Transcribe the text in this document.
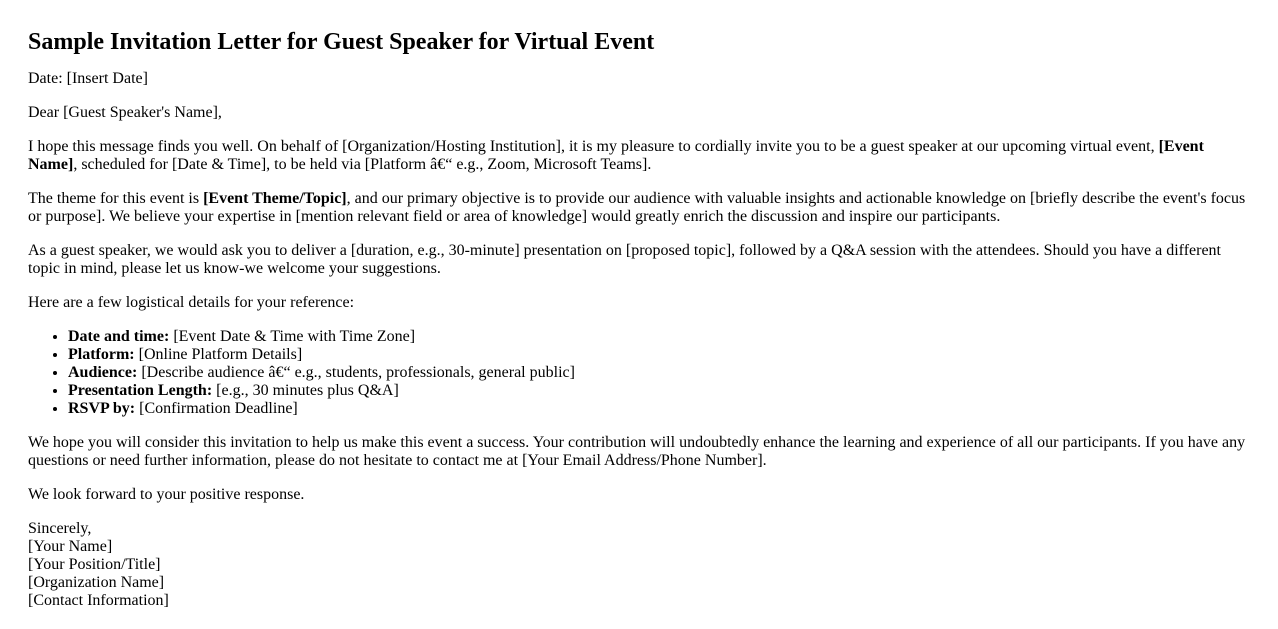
Sample Invitation Letter for Guest Speaker for Virtual Event

Date: [Insert Date]

Dear [Guest Speaker's Name],

I hope this message finds you well. On behalf of [Organization/Hosting Institution], it is my pleasure to cordially invite you to be a guest speaker at our upcoming virtual event, [Event Name], scheduled for [Date & Time], to be held via [Platform â€“ e.g., Zoom, Microsoft Teams].

The theme for this event is [Event Theme/Topic], and our primary objective is to provide our audience with valuable insights and actionable knowledge on [briefly describe the event's focus or purpose]. We believe your expertise in [mention relevant field or area of knowledge] would greatly enrich the discussion and inspire our participants.

As a guest speaker, we would ask you to deliver a [duration, e.g., 30-minute] presentation on [proposed topic], followed by a Q&A session with the attendees. Should you have a different topic in mind, please let us know-we welcome your suggestions.

Here are a few logistical details for your reference:

• Date and time: [Event Date & Time with Time Zone]
• Platform: [Online Platform Details]
• Audience: [Describe audience â€“ e.g., students, professionals, general public]
• Presentation Length: [e.g., 30 minutes plus Q&A]
• RSVP by: [Confirmation Deadline]

We hope you will consider this invitation to help us make this event a success. Your contribution will undoubtedly enhance the learning and experience of all our participants. If you have any questions or need further information, please do not hesitate to contact me at [Your Email Address/Phone Number].

We look forward to your positive response.

Sincerely,
[Your Name]
[Your Position/Title]
[Organization Name]
[Contact Information]
